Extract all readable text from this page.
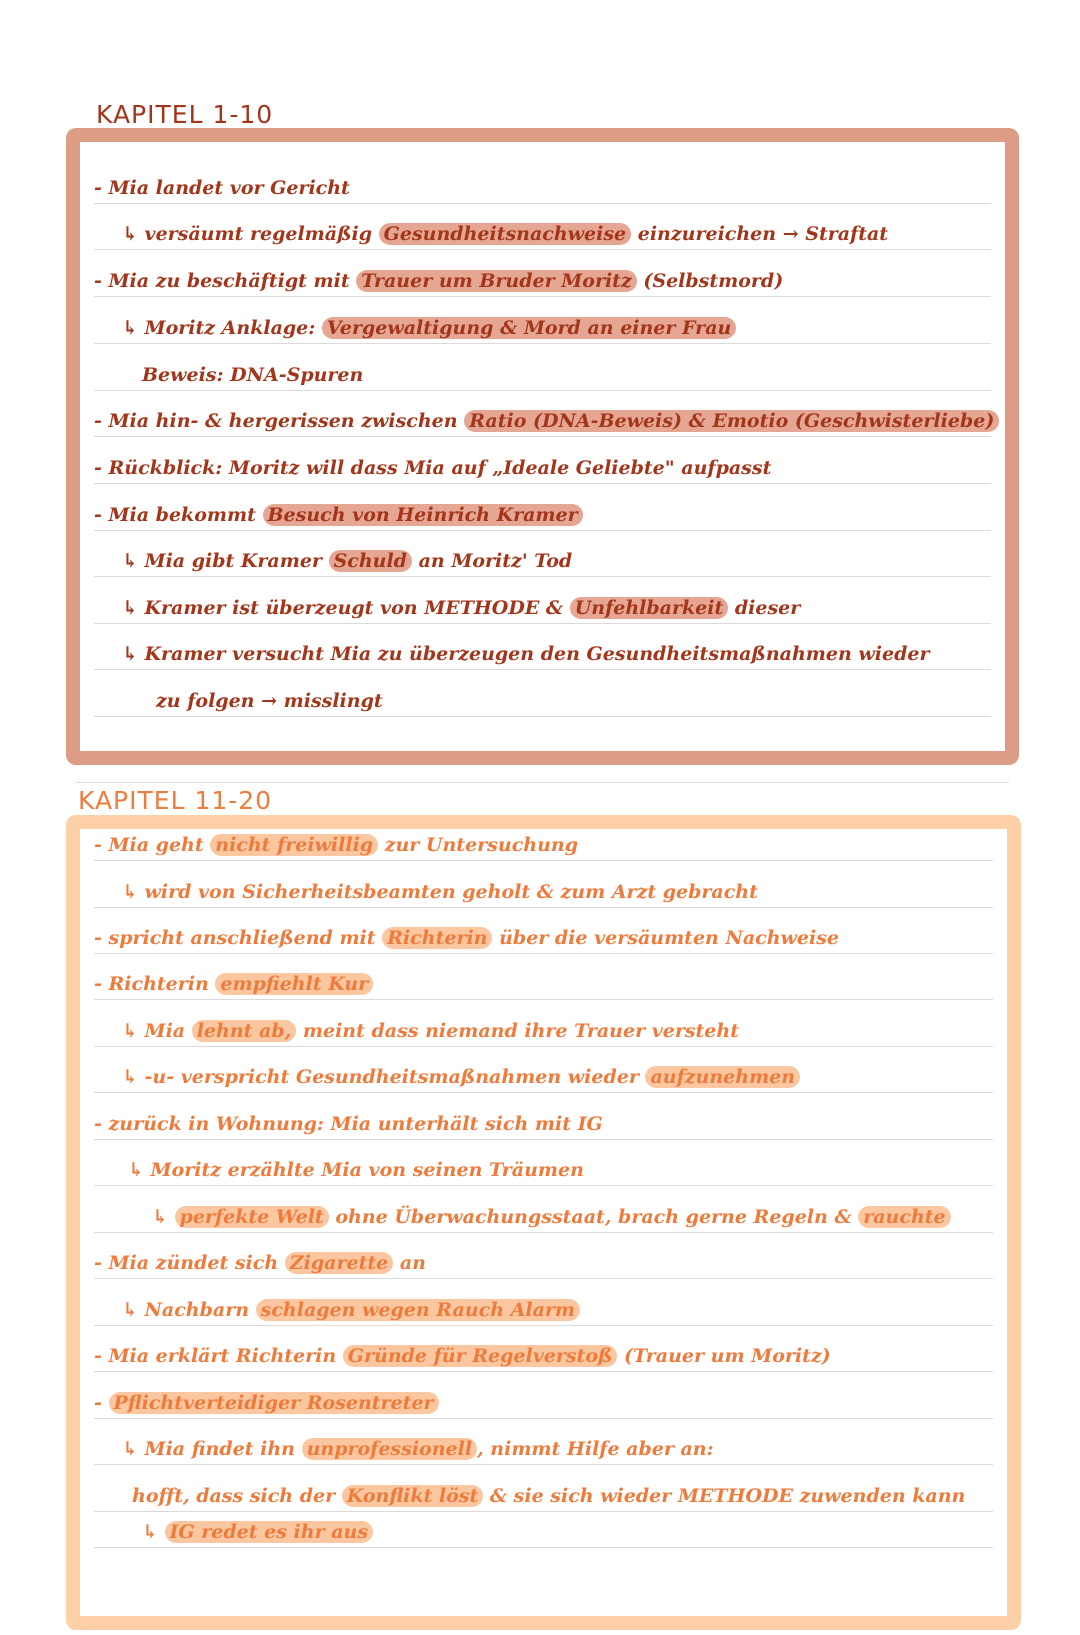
KAPITEL 1-10
- Mia landet vor Gericht
↳ versäumt regelmäßig Gesundheitsnachweise einzureichen → Straftat
- Mia zu beschäftigt mit Trauer um Bruder Moritz (Selbstmord)
↳ Moritz Anklage: Vergewaltigung & Mord an einer Frau
Beweis: DNA-Spuren
- Mia hin- & hergerissen zwischen Ratio (DNA-Beweis) & Emotio (Geschwisterliebe)
- Rückblick: Moritz will dass Mia auf „Ideale Geliebte" aufpasst
- Mia bekommt Besuch von Heinrich Kramer
↳ Mia gibt Kramer Schuld an Moritz' Tod
↳ Kramer ist überzeugt von METHODE & Unfehlbarkeit dieser
↳ Kramer versucht Mia zu überzeugen den Gesundheitsmaßnahmen wieder
zu folgen → misslingt
KAPITEL 11-20
- Mia geht nicht freiwillig zur Untersuchung
↳ wird von Sicherheitsbeamten geholt & zum Arzt gebracht
- spricht anschließend mit Richterin über die versäumten Nachweise
- Richterin empfiehlt Kur
↳ Mia lehnt ab, meint dass niemand ihre Trauer versteht
↳ -u- verspricht Gesundheitsmaßnahmen wieder aufzunehmen
- zurück in Wohnung: Mia unterhält sich mit IG
↳ Moritz erzählte Mia von seinen Träumen
↳ perfekte Welt ohne Überwachungsstaat, brach gerne Regeln & rauchte
- Mia zündet sich Zigarette an
↳ Nachbarn schlagen wegen Rauch Alarm
- Mia erklärt Richterin Gründe für Regelverstoß (Trauer um Moritz)
- Pflichtverteidiger Rosentreter
↳ Mia findet ihn unprofessionell , nimmt Hilfe aber an:
hofft, dass sich der Konflikt löst & sie sich wieder METHODE zuwenden kann
↳ IG redet es ihr aus
